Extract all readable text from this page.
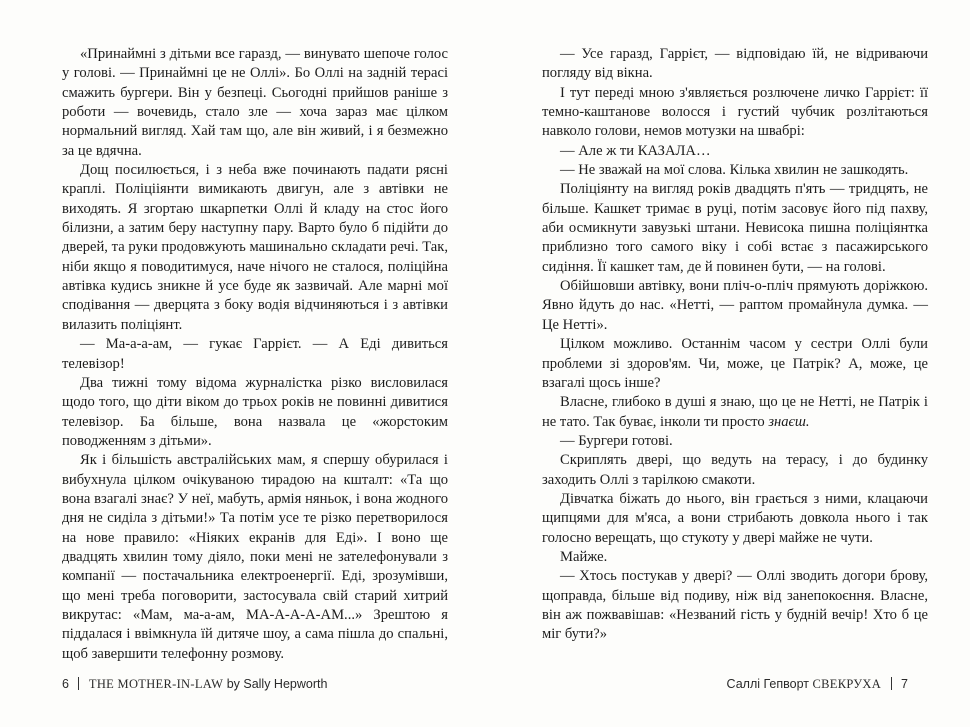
«Принаймні з дітьми все гаразд, — винувато шепоче голос у голові. — Принаймні це не Оллі». Бо Оллі на задній терасі смажить бургери. Він у безпеці. Сьогодні прийшов раніше з роботи — вочевидь, стало зле — хоча зараз має цілком нормальний вигляд. Хай там що, але він живий, і я безмежно за це вдячна.

Дощ посилюється, і з неба вже починають падати рясні краплі. Поліцііянти вимикають двигун, але з автівки не виходять. Я згортаю шкарпетки Оллі й кладу на стос його білизни, а затим беру наступну пару. Варто було б підійти до дверей, та руки продовжують машинально складати речі. Так, ніби якщо я поводитимуся, наче нічого не сталося, поліційна автівка кудись зникне й усе буде як зазвичай. Але марні мої сподівання — дверцята з боку водія відчиняються і з автівки вилазить поліціянт.

— Ма-а-а-ам, — гукає Гаррієт. — А Еді дивиться телевізор!

Два тижні тому відома журналістка різко висловилася щодо того, що діти віком до трьох років не повинні дивитися телевізор. Ба більше, вона назвала це «жорстоким поводженням з дітьми».

Як і більшість австралійських мам, я спершу обурилася і вибухнула цілком очікуваною тирадою на кшталт: «Та що вона взагалі знає? У неї, мабуть, армія няньок, і вона жодного дня не сиділа з дітьми!» Та потім усе те різко перетворилося на нове правило: «Ніяких екранів для Еді». І воно ще двадцять хвилин тому діяло, поки мені не зателефонували з компанії — постачальника електроенергії. Еді, зрозумівши, що мені треба поговорити, застосувала свій старий хитрий викрутас: «Мам, ма-а-ам, МА-А-А-А-АМ...» Зрештою я піддалася і ввімкнула їй дитяче шоу, а сама пішла до спальні, щоб завершити телефонну розмову.

— Усе гаразд, Гаррієт, — відповідаю їй, не відриваючи погляду від вікна.

І тут переді мною з'являється розлючене личко Гаррієт: її темно-каштанове волосся і густий чубчик розлітаються навколо голови, немов мотузки на швабрі:

— Але ж ти КАЗАЛА…

— Не зважай на мої слова. Кілька хвилин не зашкодять.

Поліціянту на вигляд років двадцять п'ять — тридцять, не більше. Кашкет тримає в руці, потім засовує його під пахву, аби осмикнути завузькі штани. Невисока пишна поліціянтка приблизно того самого віку і собі встає з пасажирського сидіння. Її кашкет там, де й повинен бути, — на голові.

Обійшовши автівку, вони пліч-о-пліч прямують доріжкою. Явно йдуть до нас. «Нетті, — раптом промайнула думка. — Це Нетті».

Цілком можливо. Останнім часом у сестри Оллі були проблеми зі здоров'ям. Чи, може, це Патрік? А, може, це взагалі щось інше?

Власне, глибоко в душі я знаю, що це не Нетті, не Патрік і не тато. Так буває, інколи ти просто знаєш.

— Бургери готові.

Скриплять двері, що ведуть на терасу, і до будинку заходить Оллі з тарілкою смакоти.

Дівчатка біжать до нього, він грається з ними, клацаючи щипцями для м'яса, а вони стрибають довкола нього і так голосно верещать, що стукоту у двері майже не чути.

Майже.

— Хтось постукав у двері? — Оллі зводить догори брову, щоправда, більше від подиву, ніж від занепокоєння. Власне, він аж пожвавішав: «Незваний гість у будній вечір! Хто б це міг бути?»

6 THE MOTHER-IN-LAW by Sally Hepworth	Саллі Гепворт СВЕКРУХА 7
